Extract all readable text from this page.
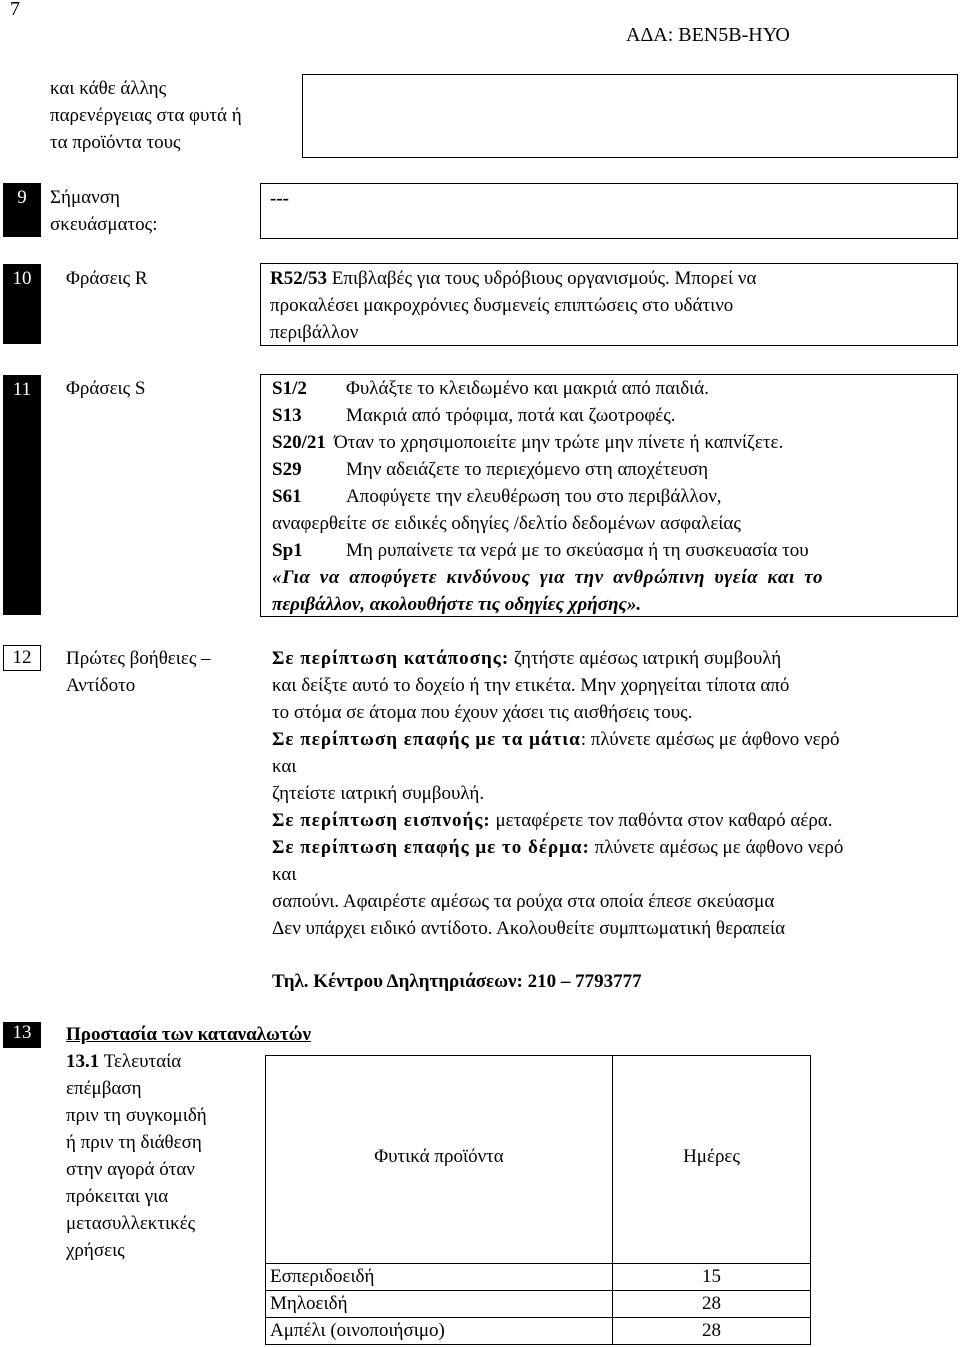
7
ΑΔΑ: ΒΕΝ5Β-ΗΥΟ
και κάθε άλλης
παρενέργειας στα φυτά ή
τα προϊόντα τους
9	Σήμανση
σκευάσματος:
---
10	Φράσεις R	R52/53 Επιβλαβές για τους υδρόβιους οργανισμούς. Μπορεί να
προκαλέσει μακροχρόνιες δυσμενείς επιπτώσεις στο υδάτινο
περιβάλλον
11	Φράσεις S	S1/2 Φυλάξτε το κλειδωμένο και μακριά από παιδιά.
S13 Μακριά από τρόφιμα, ποτά και ζωοτροφές.
S20/21 Όταν το χρησιμοποιείτε μην τρώτε μην πίνετε ή καπνίζετε.
S29 Μην αδειάζετε το περιεχόμενο στη αποχέτευση
S61 Αποφύγετε την ελευθέρωση του στο περιβάλλον,
αναφερθείτε σε ειδικές οδηγίες /δελτίο δεδομένων ασφαλείας
Sp1 Μη ρυπαίνετε τα νερά με το σκεύασμα ή τη συσκευασία του
«Για να αποφύγετε κινδύνους για την ανθρώπινη υγεία και το
περιβάλλον, ακολουθήστε τις οδηγίες χρήσης».
12	Πρώτες βοήθειες –
Αντίδοτο
Σε περίπτωση κατάποσης: ζητήστε αμέσως ιατρική συμβουλή
και δείξτε αυτό το δοχείο ή την ετικέτα. Μην χορηγείται τίποτα από
το στόμα σε άτομα που έχουν χάσει τις αισθήσεις τους.
Σε περίπτωση επαφής με τα μάτια: πλύνετε αμέσως με άφθονο νερό
και
ζητείστε ιατρική συμβουλή.
Σε περίπτωση εισπνοής: μεταφέρετε τον παθόντα στον καθαρό αέρα.
Σε περίπτωση επαφής με το δέρμα: πλύνετε αμέσως με άφθονο νερό
και
σαπούνι. Αφαιρέστε αμέσως τα ρούχα στα οποία έπεσε σκεύασμα
Δεν υπάρχει ειδικό αντίδοτο. Ακολουθείτε συμπτωματική θεραπεία
Τηλ. Κέντρου Δηλητηριάσεων: 210 – 7793777
13	Προστασία των καταναλωτών
13.1 Τελευταία
επέμβαση
πριν τη συγκομιδή
ή πριν τη διάθεση
στην αγορά όταν
πρόκειται για
μετασυλλεκτικές
χρήσεις
Φυτικά προϊόντα	Ημέρες
Εσπεριδοειδή	15
Μηλοειδή	28
Αμπέλι (οινοποιήσιμο)	28
